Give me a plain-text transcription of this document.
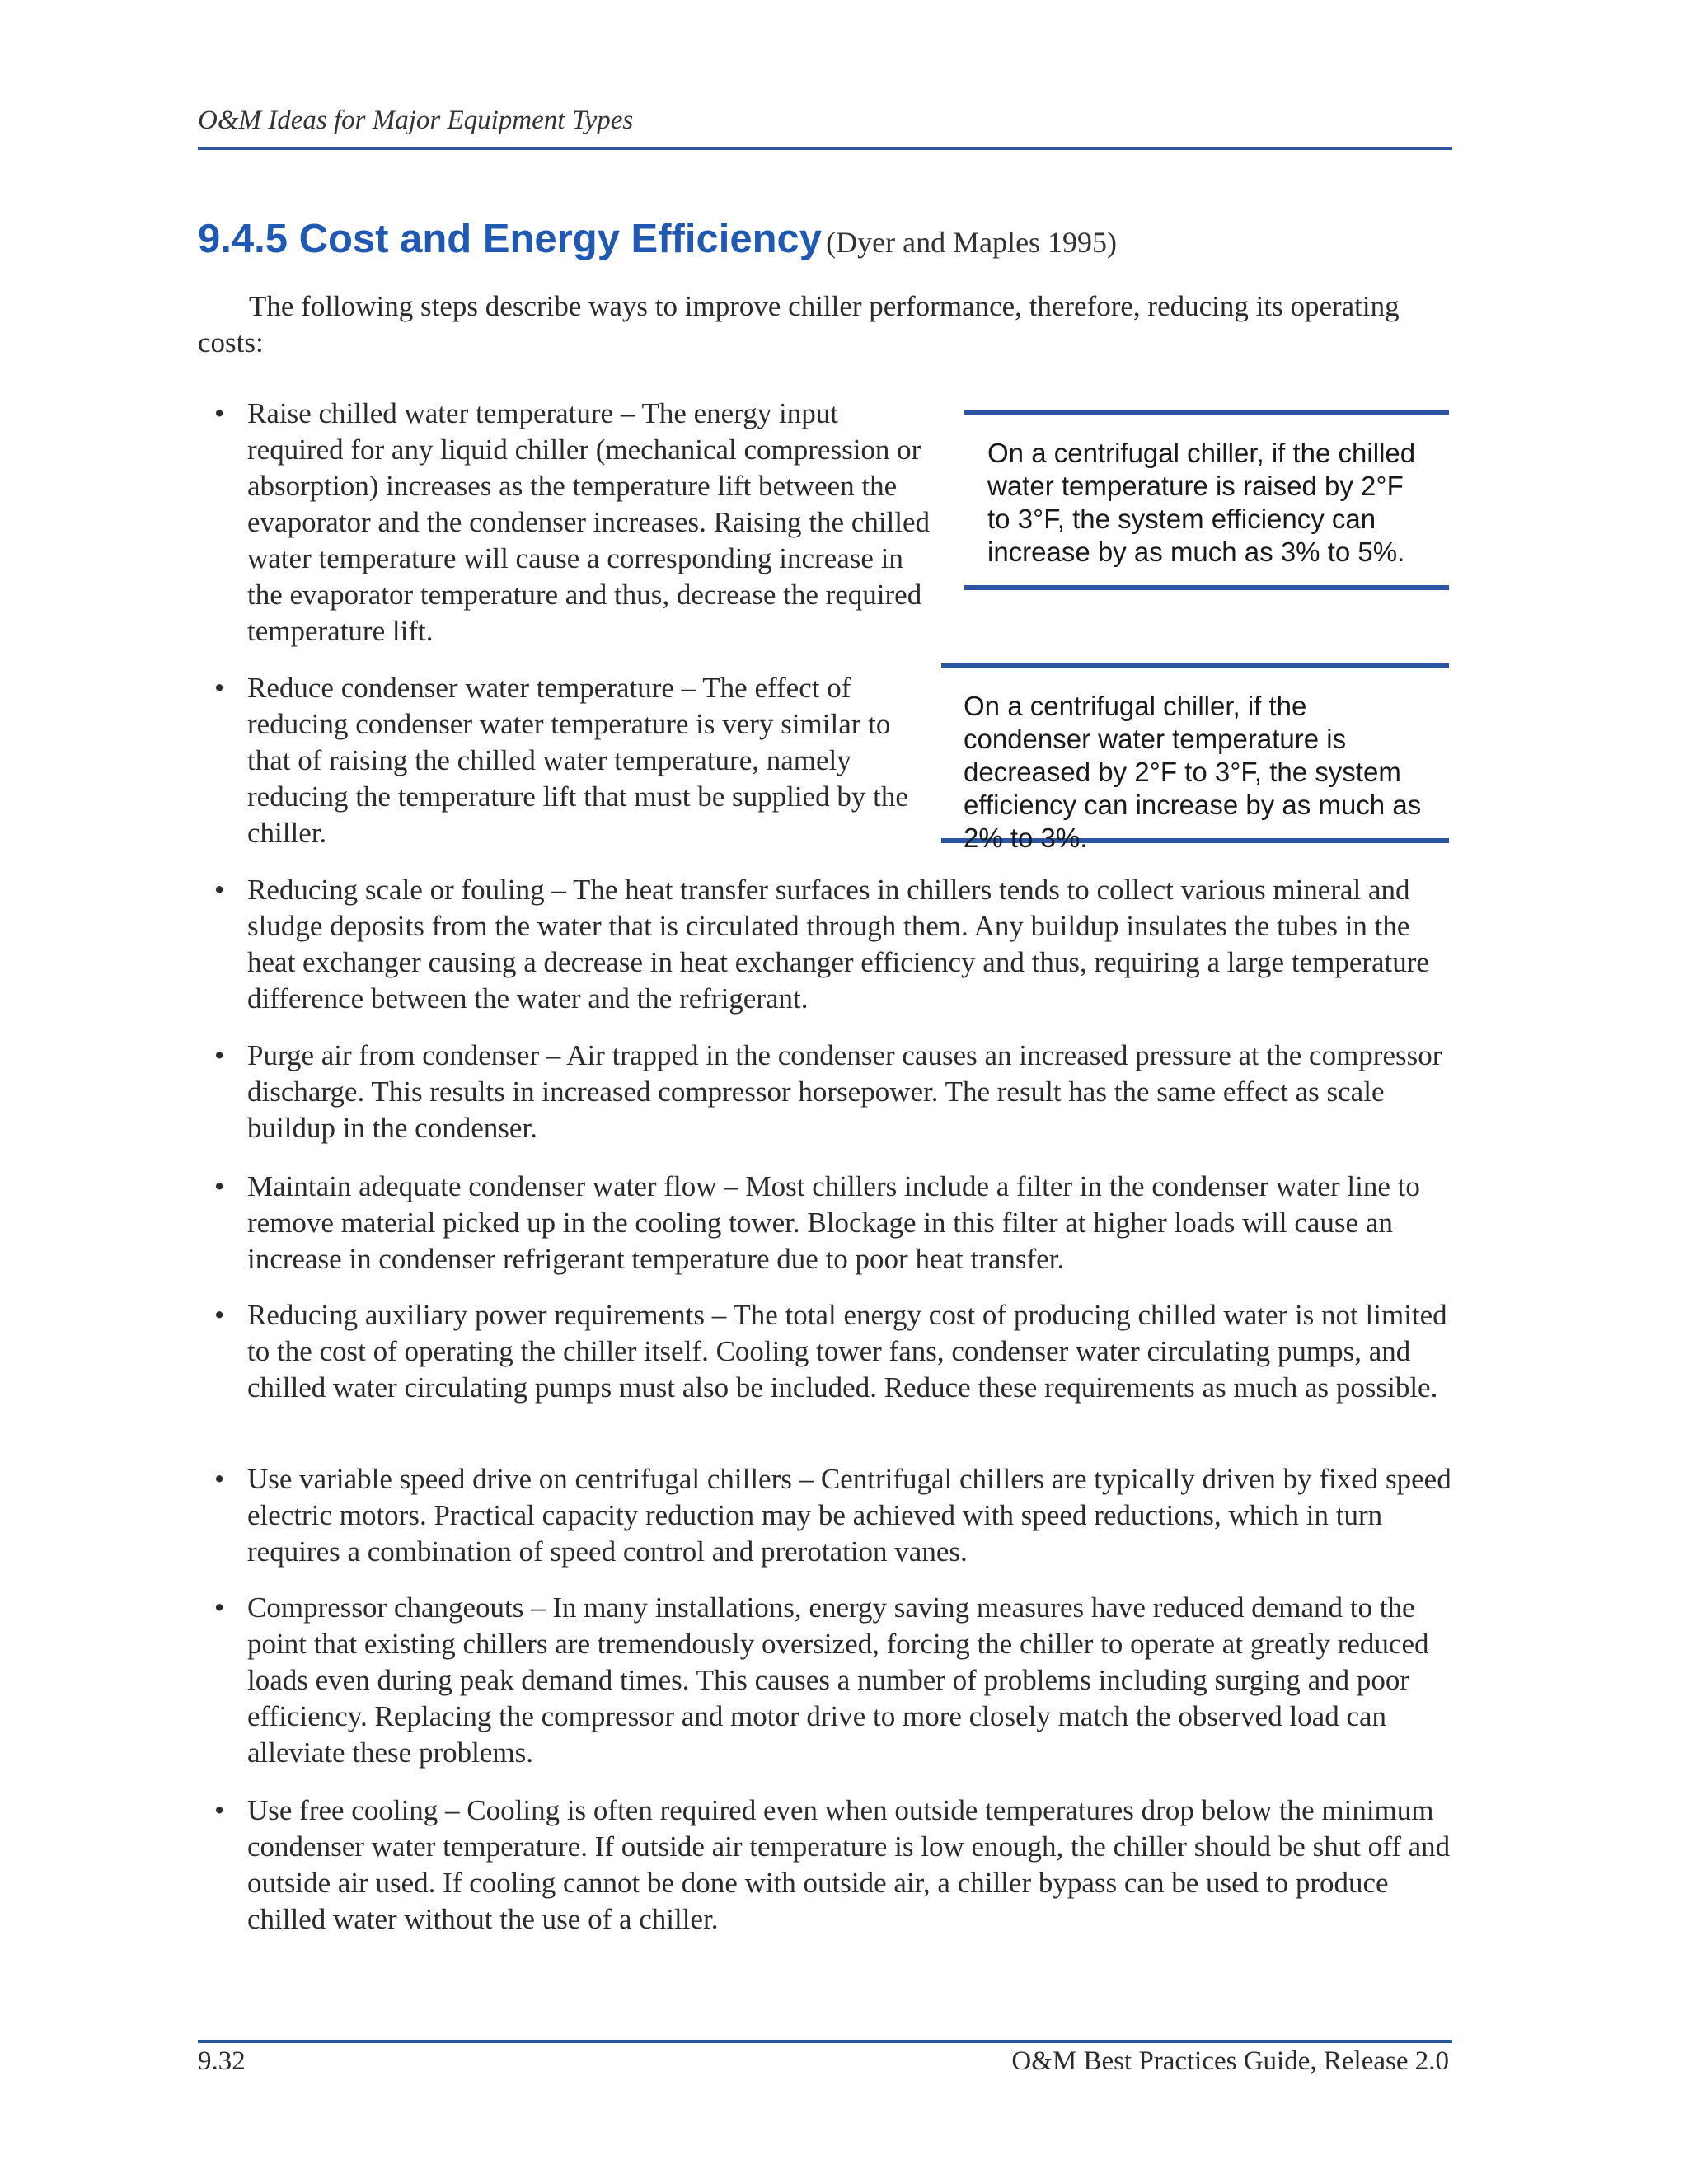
O&M Ideas for Major Equipment Types
9.4.5 Cost and Energy Efficiency (Dyer and Maples 1995)

The following steps describe ways to improve chiller performance, therefore, reducing its operating costs:

• Raise chilled water temperature – The energy input required for any liquid chiller (mechanical compression or absorption) increases as the temperature lift between the evaporator and the condenser increases. Raising the chilled water temperature will cause a corresponding increase in the evaporator temperature and thus, decrease the required temperature lift.
• Reduce condenser water temperature – The effect of reducing condenser water temperature is very similar to that of raising the chilled water temperature, namely reducing the temperature lift that must be supplied by the chiller.

On a centrifugal chiller, if the chilled water temperature is raised by 2°F to 3°F, the system efficiency can increase by as much as 3% to 5%.

On a centrifugal chiller, if the condenser water temperature is decreased by 2°F to 3°F, the system efficiency can increase by as much as 2% to 3%.

• Reducing scale or fouling – The heat transfer surfaces in chillers tends to collect various mineral and sludge deposits from the water that is circulated through them. Any buildup insulates the tubes in the heat exchanger causing a decrease in heat exchanger efficiency and thus, requiring a large temperature difference between the water and the refrigerant.
• Purge air from condenser – Air trapped in the condenser causes an increased pressure at the compressor discharge. This results in increased compressor horsepower. The result has the same effect as scale buildup in the condenser.
• Maintain adequate condenser water flow – Most chillers include a filter in the condenser water line to remove material picked up in the cooling tower. Blockage in this filter at higher loads will cause an increase in condenser refrigerant temperature due to poor heat transfer.
• Reducing auxiliary power requirements – The total energy cost of producing chilled water is not limited to the cost of operating the chiller itself. Cooling tower fans, condenser water circulating pumps, and chilled water circulating pumps must also be included. Reduce these requirements as much as possible.
• Use variable speed drive on centrifugal chillers – Centrifugal chillers are typically driven by fixed speed electric motors. Practical capacity reduction may be achieved with speed reductions, which in turn requires a combination of speed control and prerotation vanes.
• Compressor changeouts – In many installations, energy saving measures have reduced demand to the point that existing chillers are tremendously oversized, forcing the chiller to operate at greatly reduced loads even during peak demand times. This causes a number of problems including surging and poor efficiency. Replacing the compressor and motor drive to more closely match the observed load can alleviate these problems.
• Use free cooling – Cooling is often required even when outside temperatures drop below the minimum condenser water temperature. If outside air temperature is low enough, the chiller should be shut off and outside air used. If cooling cannot be done with outside air, a chiller bypass can be used to produce chilled water without the use of a chiller.
9.32	O&M Best Practices Guide, Release 2.0
